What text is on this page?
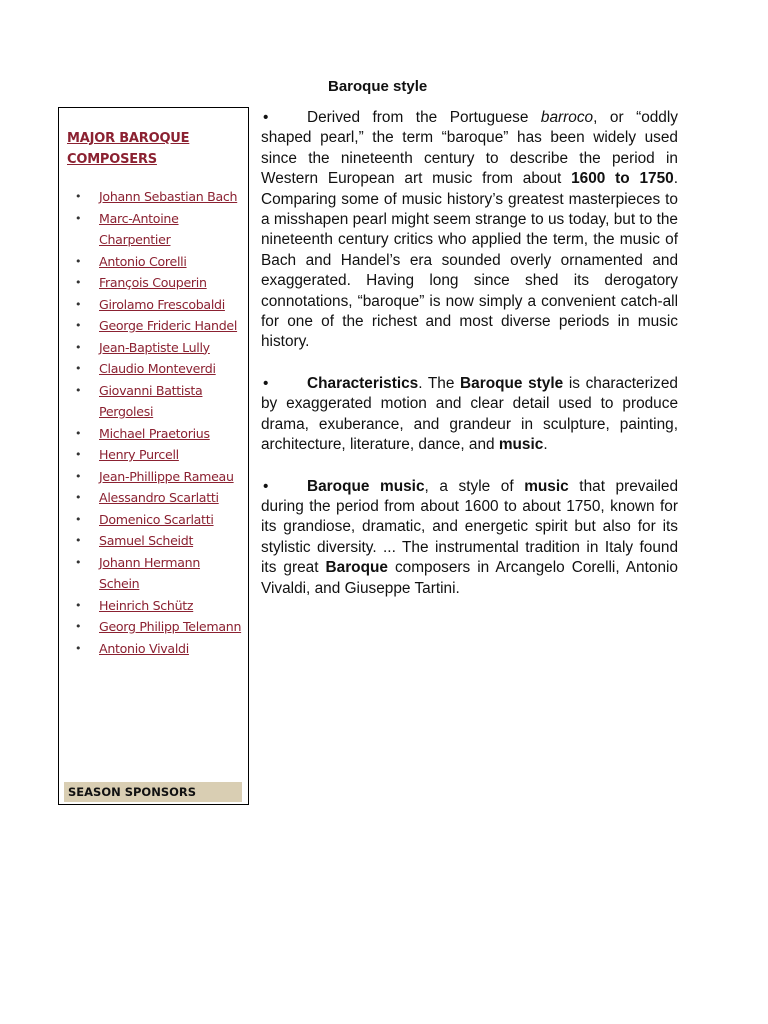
Baroque style
MAJOR BAROQUE
COMPOSERS
• Johann Sebastian Bach
• Marc-Antoine Charpentier
• Antonio Corelli
• François Couperin
• Girolamo Frescobaldi
• George Frideric Handel
• Jean-Baptiste Lully
• Claudio Monteverdi
• Giovanni Battista Pergolesi
• Michael Praetorius
• Henry Purcell
• Jean-Phillippe Rameau
• Alessandro Scarlatti
• Domenico Scarlatti
• Samuel Scheidt
• Johann Hermann Schein
• Heinrich Schütz
• Georg Philipp Telemann
• Antonio Vivaldi
SEASON SPONSORS

•	Derived from the Portuguese barroco, or “oddly shaped pearl,” the term “baroque” has been widely used since the nineteenth century to describe the period in Western European art music from about 1600 to 1750. Comparing some of music history’s greatest masterpieces to a misshapen pearl might seem strange to us today, but to the nineteenth century critics who applied the term, the music of Bach and Handel’s era sounded overly ornamented and exaggerated. Having long since shed its derogatory connotations, “baroque” is now simply a convenient catch-all for one of the richest and most diverse periods in music history.

•	Characteristics. The Baroque style is characterized by exaggerated motion and clear detail used to produce drama, exuberance, and grandeur in sculpture, painting, architecture, literature, dance, and music.

•	Baroque music, a style of music that prevailed during the period from about 1600 to about 1750, known for its grandiose, dramatic, and energetic spirit but also for its stylistic diversity. ... The instrumental tradition in Italy found its great Baroque composers in Arcangelo Corelli, Antonio Vivaldi, and Giuseppe Tartini.
